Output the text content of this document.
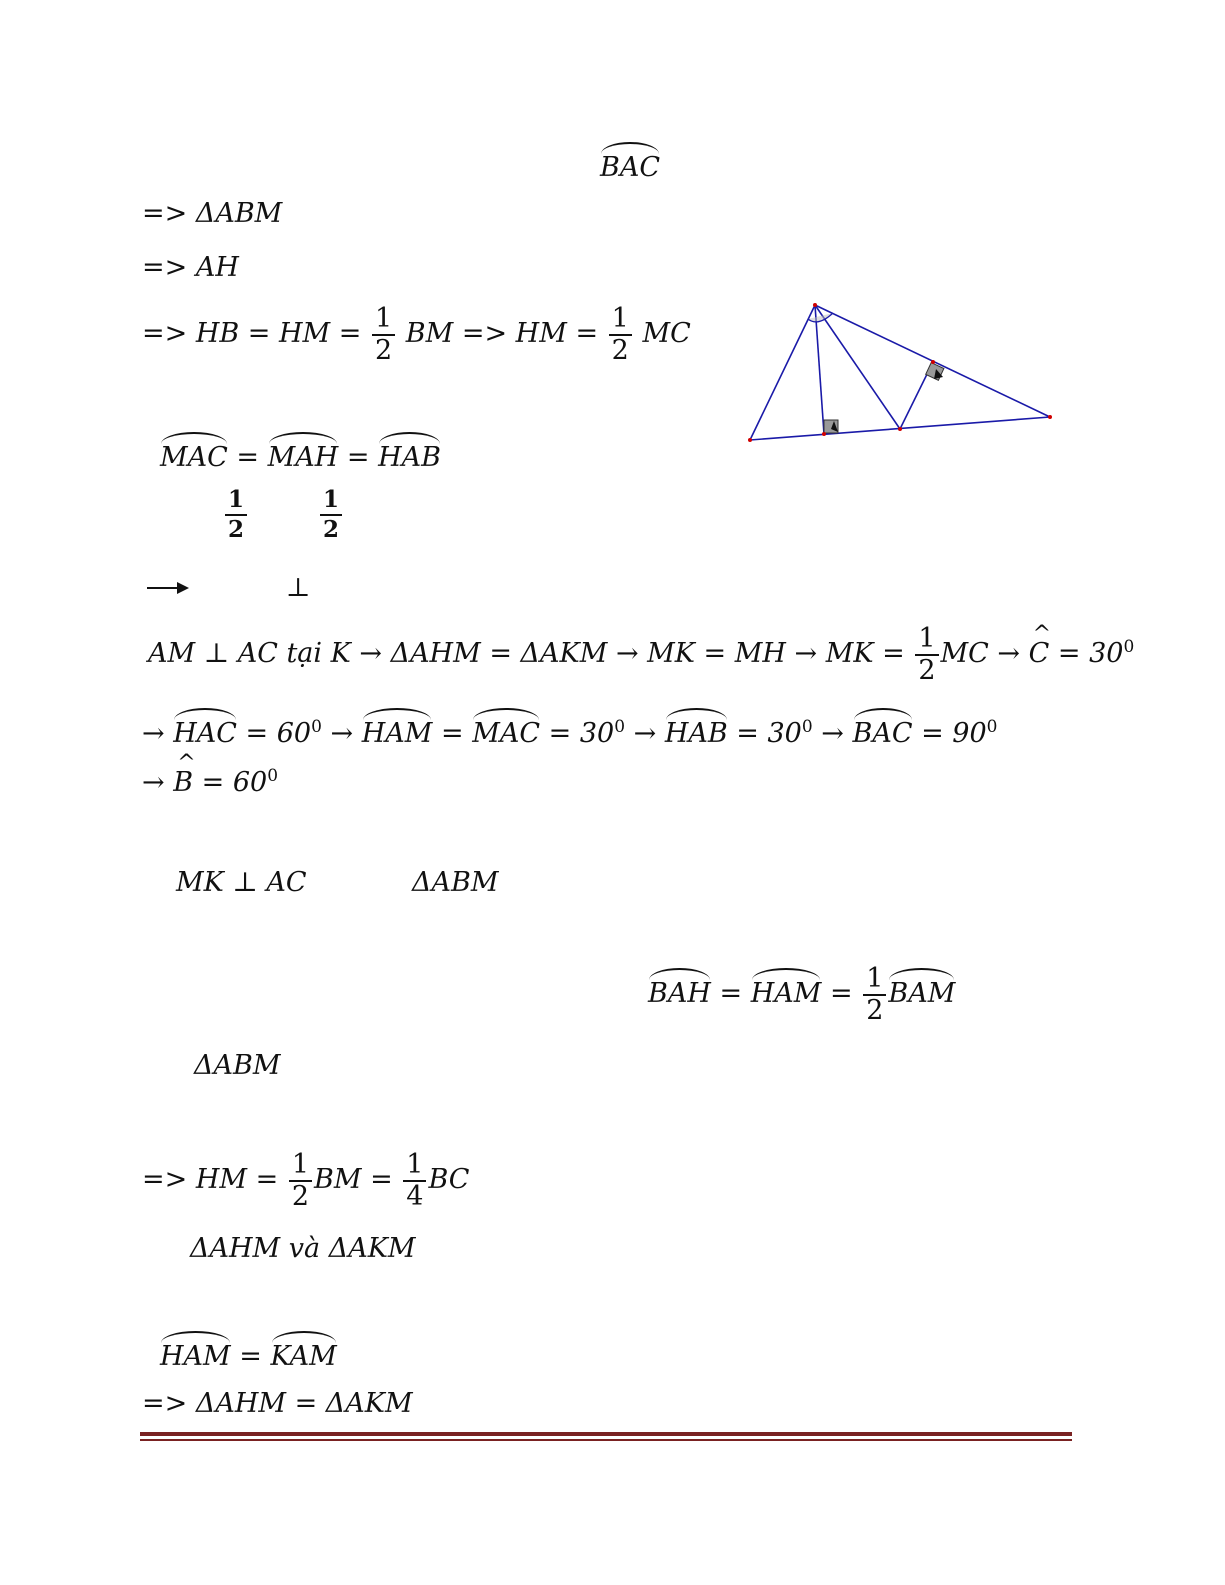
BAC
=> ΔABM
=> AH
=> HB = HM = $\frac{1}{2}$ BM => HM = $\frac{1}{2}$ MC
MAC = MAH = HAB
1
2
1
2
⊥
AM ⊥ AC tại K → ΔAHM = ΔAKM → MK = MH → MK = $\frac{1}{2}$ MC → ^ $C = 30^0$
→ HAC = $60^0$ → HAM = MAC = $30^0$ → HAB = $30^0$ → BAC = $90^0$
→ ^ $B = 60^0$
MK ⊥ AC	ΔABM
BAH = HAM = $\frac{1}{2}$ BAM
ΔABM
=> HM = $\frac{1}{2}$ BM = $\frac{1}{4}$ BC
ΔAHM và ΔAKM
HAM = KAM
=> ΔAHM = ΔAKM
